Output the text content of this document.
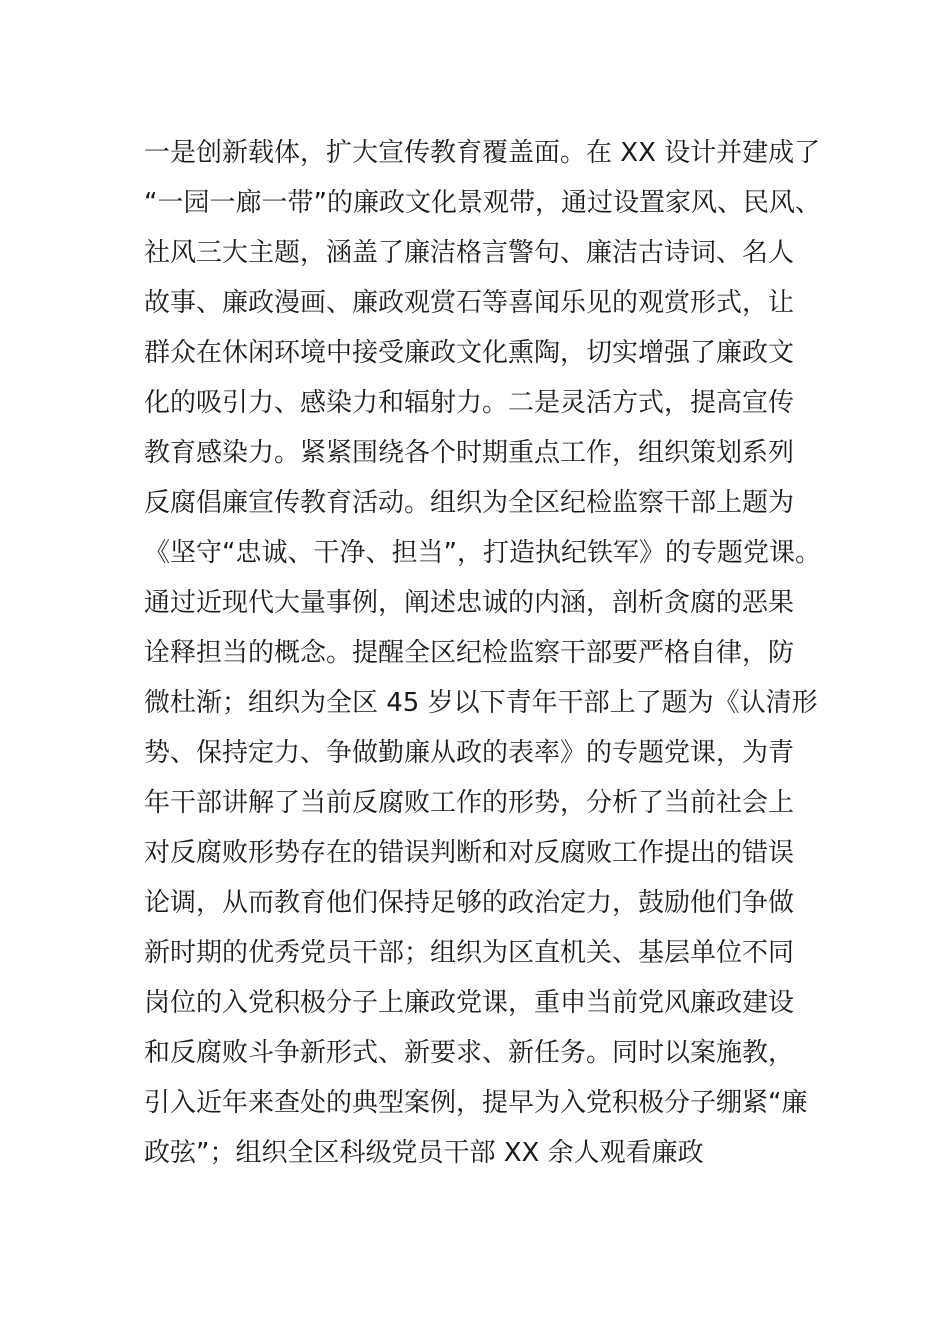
一是创新载体，扩大宣传教育覆盖面。在 XX 设计并建成了
“一园一廊一带”的廉政文化景观带，通过设置家风、民风、
社风三大主题，涵盖了廉洁格言警句、廉洁古诗词、名人
故事、廉政漫画、廉政观赏石等喜闻乐见的观赏形式，让
群众在休闲环境中接受廉政文化熏陶，切实增强了廉政文
化的吸引力、感染力和辐射力。二是灵活方式，提高宣传
教育感染力。紧紧围绕各个时期重点工作，组织策划系列
反腐倡廉宣传教育活动。组织为全区纪检监察干部上题为
《坚守“忠诚、干净、担当”，打造执纪铁军》的专题党课。
通过近现代大量事例，阐述忠诚的内涵，剖析贪腐的恶果
诠释担当的概念。提醒全区纪检监察干部要严格自律，防
微杜渐；组织为全区 45 岁以下青年干部上了题为《认清形
势、保持定力、争做勤廉从政的表率》的专题党课，为青
年干部讲解了当前反腐败工作的形势，分析了当前社会上
对反腐败形势存在的错误判断和对反腐败工作提出的错误
论调，从而教育他们保持足够的政治定力，鼓励他们争做
新时期的优秀党员干部；组织为区直机关、基层单位不同
岗位的入党积极分子上廉政党课，重申当前党风廉政建设
和反腐败斗争新形式、新要求、新任务。同时以案施教，
引入近年来查处的典型案例，提早为入党积极分子绷紧“廉
政弦”；组织全区科级党员干部 XX 余人观看廉政
